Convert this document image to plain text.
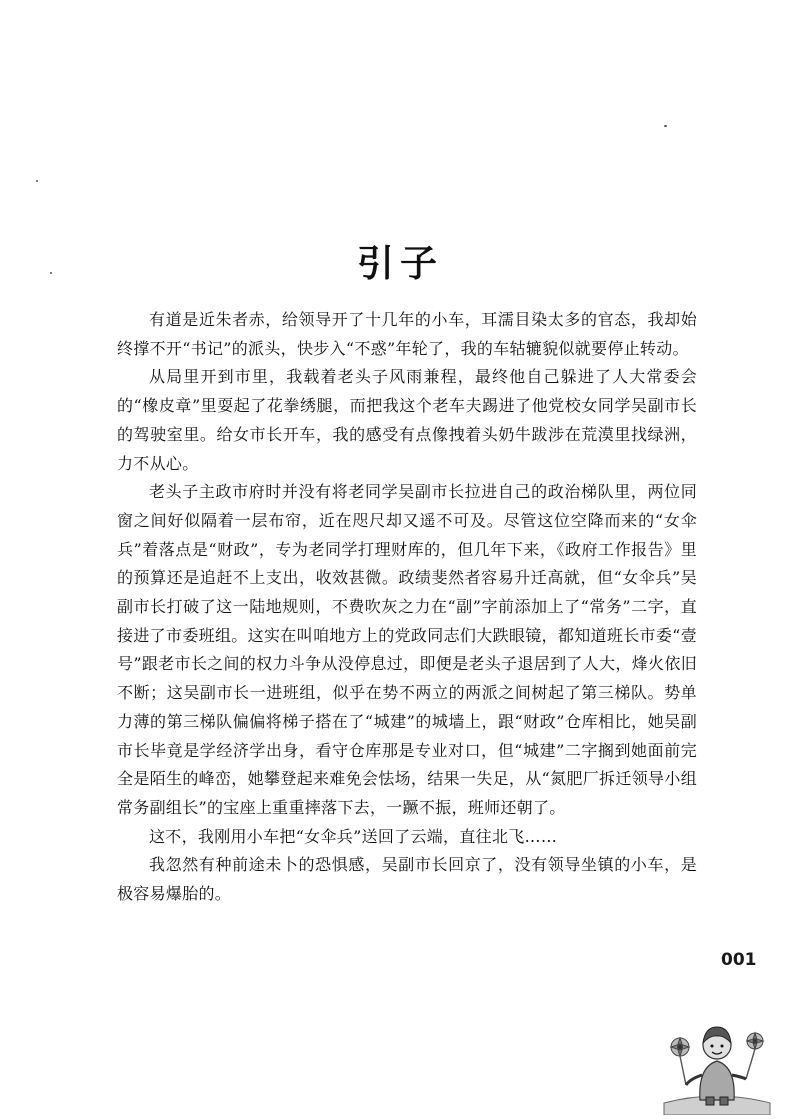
引子

有道是近朱者赤，给领导开了十几年的小车，耳濡目染太多的官态，我却始终撑不开“书记”的派头，快步入“不惑”年轮了，我的车轱辘貌似就要停止转动。

从局里开到市里，我载着老头子风雨兼程，最终他自己躲进了人大常委会的“橡皮章”里耍起了花拳绣腿，而把我这个老车夫踢进了他党校女同学吴副市长的驾驶室里。给女市长开车，我的感受有点像拽着头奶牛跋涉在荒漠里找绿洲，力不从心。

老头子主政市府时并没有将老同学吴副市长拉进自己的政治梯队里，两位同窗之间好似隔着一层布帘，近在咫尺却又遥不可及。尽管这位空降而来的“女伞兵”着落点是“财政”，专为老同学打理财库的，但几年下来，《政府工作报告》里的预算还是追赶不上支出，收效甚微。政绩斐然者容易升迁高就，但“女伞兵”吴副市长打破了这一陆地规则，不费吹灰之力在“副”字前添加上了“常务”二字，直接进了市委班组。这实在叫咱地方上的党政同志们大跌眼镜，都知道班长市委“壹号”跟老市长之间的权力斗争从没停息过，即便是老头子退居到了人大，烽火依旧不断；这吴副市长一进班组，似乎在势不两立的两派之间树起了第三梯队。势单力薄的第三梯队偏偏将梯子搭在了“城建”的城墙上，跟“财政”仓库相比，她吴副市长毕竟是学经济学出身，看守仓库那是专业对口，但“城建”二字搁到她面前完全是陌生的峰峦，她攀登起来难免会怯场，结果一失足，从“氮肥厂拆迁领导小组常务副组长”的宝座上重重摔落下去，一蹶不振，班师还朝了。

这不，我刚用小车把“女伞兵”送回了云端，直往北飞……

我忽然有种前途未卜的恐惧感，吴副市长回京了，没有领导坐镇的小车，是极容易爆胎的。

001
